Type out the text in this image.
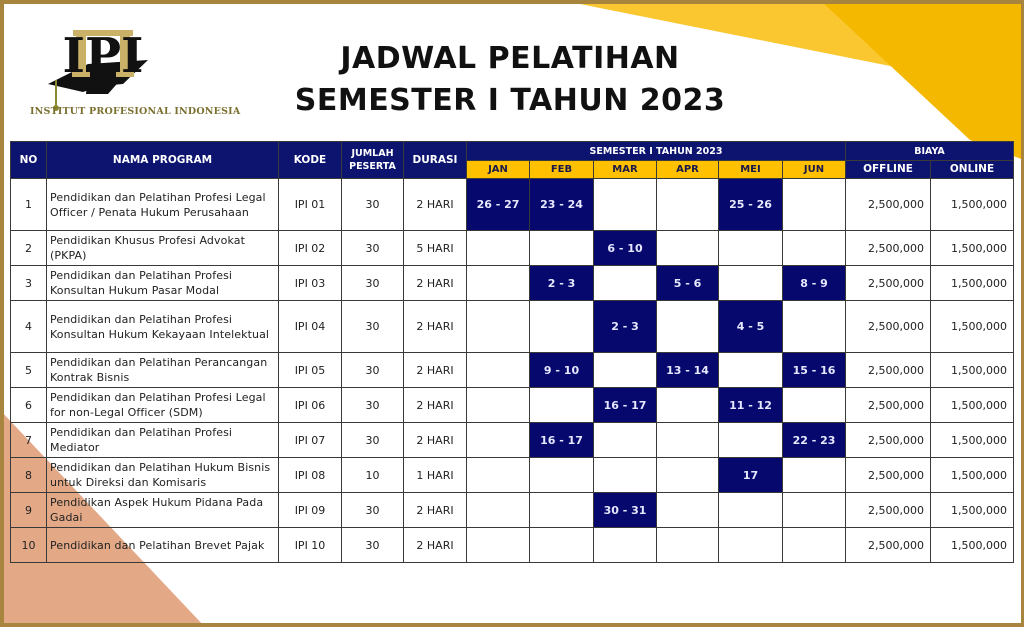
IPI
INSTITUT PROFESIONAL INDONESIA
JADWAL PELATIHAN
SEMESTER I TAHUN 2023
NO	NAMA PROGRAM	KODE	JUMLAH PESERTA	DURASI	SEMESTER I TAHUN 2023						BIAYA	
					JAN	FEB	MAR	APR	MEI	JUN	OFFLINE	ONLINE
1	Pendidikan dan Pelatihan Profesi Legal Officer / Penata Hukum Perusahaan	IPI 01	30	2 HARI	26 - 27	23 - 24			25 - 26		2,500,000	1,500,000
2	Pendidikan Khusus Profesi Advokat (PKPA)	IPI 02	30	5 HARI			6 - 10				2,500,000	1,500,000
3	Pendidikan dan Pelatihan Profesi Konsultan Hukum Pasar Modal	IPI 03	30	2 HARI		2 - 3		5 - 6		8 - 9	2,500,000	1,500,000
4	Pendidikan dan Pelatihan Profesi Konsultan Hukum Kekayaan Intelektual	IPI 04	30	2 HARI			2 - 3		4 - 5		2,500,000	1,500,000
5	Pendidikan dan Pelatihan Perancangan Kontrak Bisnis	IPI 05	30	2 HARI		9 - 10		13 - 14		15 - 16	2,500,000	1,500,000
6	Pendidikan dan Pelatihan Profesi Legal for non-Legal Officer (SDM)	IPI 06	30	2 HARI			16 - 17		11 - 12		2,500,000	1,500,000
7	Pendidikan dan Pelatihan Profesi Mediator	IPI 07	30	2 HARI		16 - 17				22 - 23	2,500,000	1,500,000
8	Pendidikan dan Pelatihan Hukum Bisnis untuk Direksi dan Komisaris	IPI 08	10	1 HARI					17		2,500,000	1,500,000
9	Pendidikan Aspek Hukum Pidana Pada Gadai	IPI 09	30	2 HARI			30 - 31				2,500,000	1,500,000
10	Pendidikan dan Pelatihan Brevet Pajak	IPI 10	30	2 HARI							2,500,000	1,500,000
